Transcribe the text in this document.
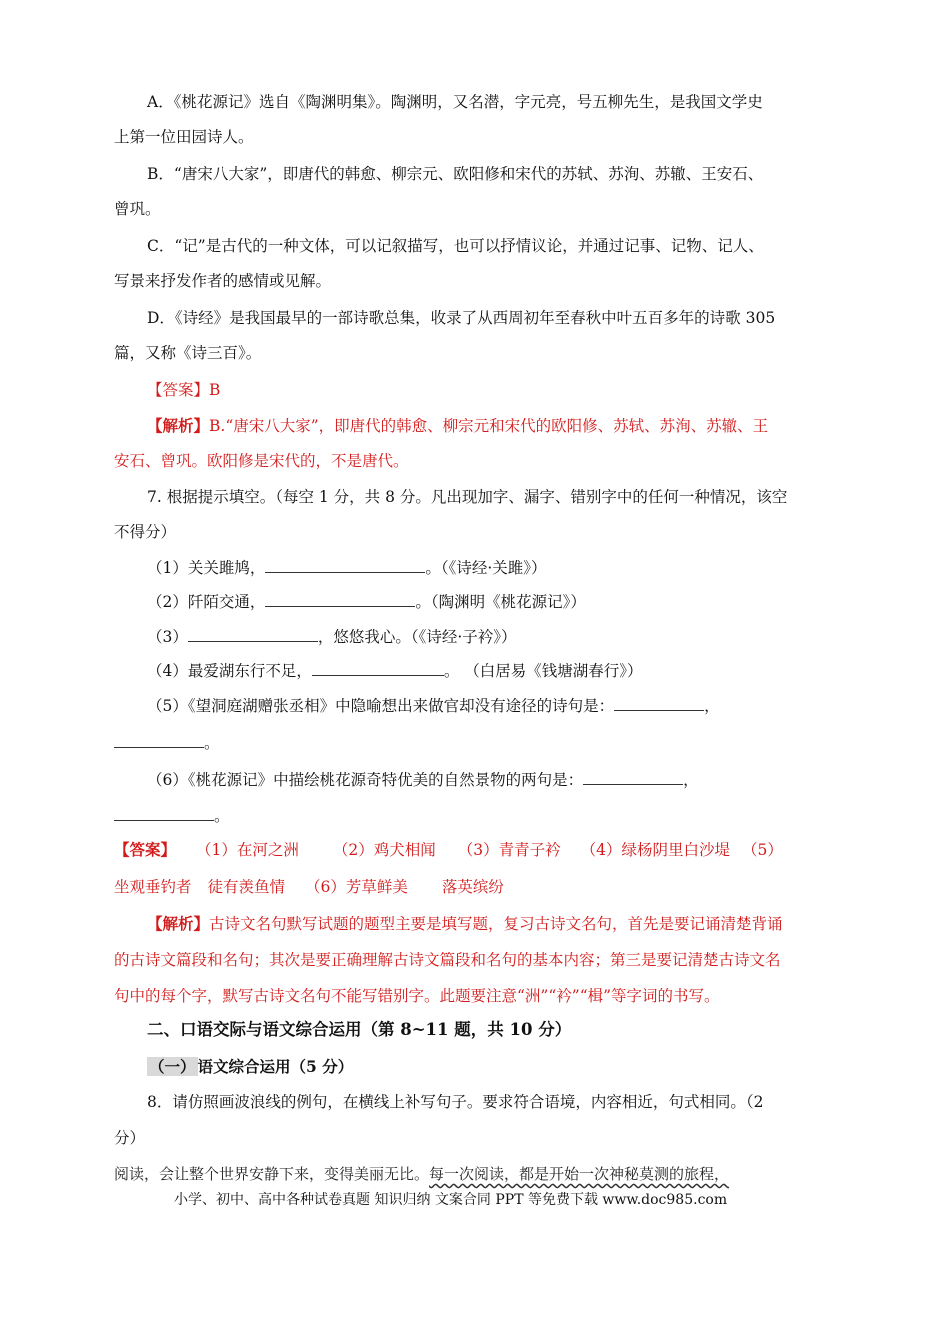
A．《桃花源记》选自《陶渊明集》。陶渊明，又名潜，字元亮，号五柳先生，是我国文学史
上第一位田园诗人。
B．“唐宋八大家”，即唐代的韩愈、柳宗元、欧阳修和宋代的苏轼、苏洵、苏辙、王安石、
曾巩。
C．“记”是古代的一种文体，可以记叙描写，也可以抒情议论，并通过记事、记物、记人、
写景来抒发作者的感情或见解。
D．《诗经》是我国最早的一部诗歌总集，收录了从西周初年至春秋中叶五百多年的诗歌 305
篇，又称《诗三百》。
【答案】B
【解析】B.“唐宋八大家”，即唐代的韩愈、柳宗元和宋代的欧阳修、苏轼、苏洵、苏辙、王
安石、曾巩。欧阳修是宋代的，不是唐代。
7. 根据提示填空。（每空 1 分，共 8 分。凡出现加字、漏字、错别字中的任何一种情况，该空
不得分）
（1）关关雎鸠，	。（《诗经·关雎》）
（2）阡陌交通，	。（陶渊明《桃花源记》）
（3）	，悠悠我心。（《诗经·子衿》）
（4）最爱湖东行不足，	。 （白居易《钱塘湖春行》）
（5）《望洞庭湖赠张丞相》中隐喻想出来做官却没有途径的诗句是：	，
。
（6）《桃花源记》中描绘桃花源奇特优美的自然景物的两句是：	，
。
【答案】 （1）在河之洲 （2）鸡犬相闻 （3）青青子衿 （4）绿杨阴里白沙堤 （5）
坐观垂钓者 徒有羡鱼情 （6）芳草鲜美 落英缤纷
【解析】古诗文名句默写试题的题型主要是填写题，复习古诗文名句，首先是要记诵清楚背诵
的古诗文篇段和名句；其次是要正确理解古诗文篇段和名句的基本内容；第三是要记清楚古诗文名
句中的每个字，默写古诗文名句不能写错别字。此题要注意“洲”“衿”“楫”等字词的书写。
二、口语交际与语文综合运用（第 8~11 题，共 10 分）
（一） 语文综合运用（5 分）
8．请仿照画波浪线的例句，在横线上补写句子。要求符合语境，内容相近，句式相同。（2
分）
阅读，会让整个世界安静下来，变得美丽无比。每一次阅读，都是开始一次神秘莫测的旅程，
小学、初中、高中各种试卷真题 知识归纳 文案合同 PPT 等免费下载 www.doc985.com
